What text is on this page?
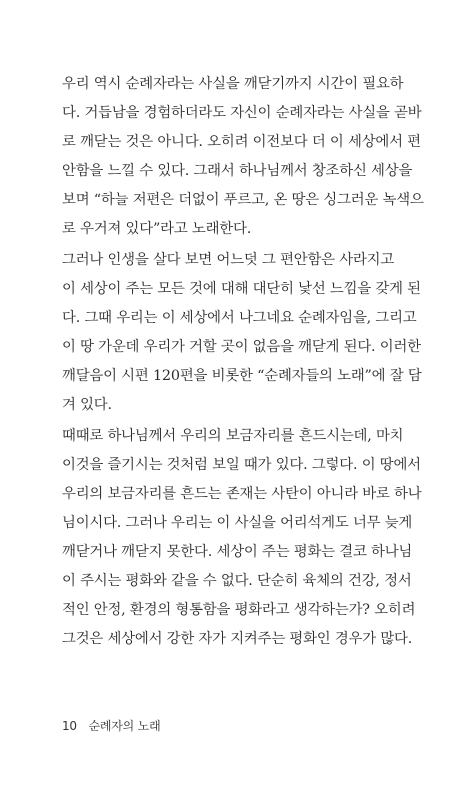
우리 역시 순례자라는 사실을 깨닫기까지 시간이 필요하
다. 거듭남을 경험하더라도 자신이 순례자라는 사실을 곧바
로 깨닫는 것은 아니다. 오히려 이전보다 더 이 세상에서 편
안함을 느낄 수 있다. 그래서 하나님께서 창조하신 세상을
보며 “하늘 저편은 더없이 푸르고, 온 땅은 싱그러운 녹색으
로 우거져 있다”라고 노래한다.
그러나 인생을 살다 보면 어느덧 그 편안함은 사라지고
이 세상이 주는 모든 것에 대해 대단히 낯선 느낌을 갖게 된
다. 그때 우리는 이 세상에서 나그네요 순례자임을, 그리고
이 땅 가운데 우리가 거할 곳이 없음을 깨닫게 된다. 이러한
깨달음이 시편 120편을 비롯한 “순례자들의 노래”에 잘 담
겨 있다.
때때로 하나님께서 우리의 보금자리를 흔드시는데, 마치
이것을 즐기시는 것처럼 보일 때가 있다. 그렇다. 이 땅에서
우리의 보금자리를 흔드는 존재는 사탄이 아니라 바로 하나
님이시다. 그러나 우리는 이 사실을 어리석게도 너무 늦게
깨닫거나 깨닫지 못한다. 세상이 주는 평화는 결코 하나님
이 주시는 평화와 같을 수 없다. 단순히 육체의 건강, 정서
적인 안정, 환경의 형통함을 평화라고 생각하는가? 오히려
그것은 세상에서 강한 자가 지켜주는 평화인 경우가 많다.
10 순례자의 노래
